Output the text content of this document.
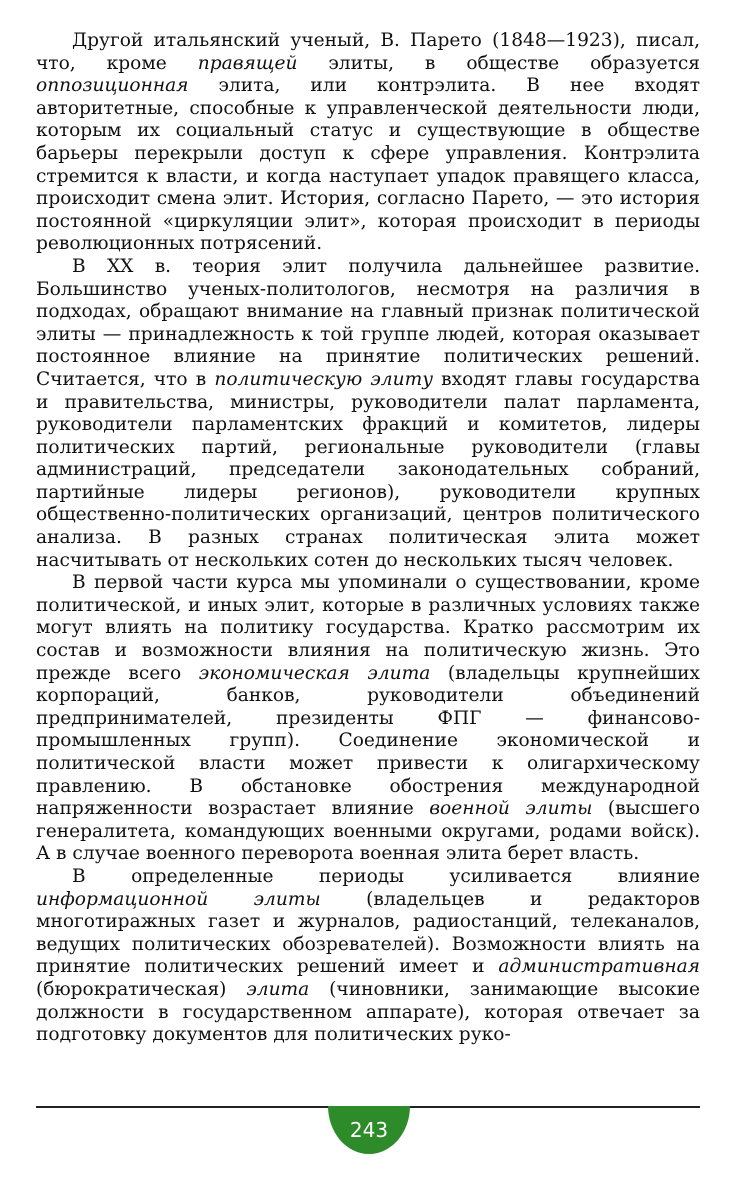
Другой итальянский ученый, В. Парето (1848—1923), писал, что, кроме правящей элиты, в обществе образуется оппозиционная элита, или контрэлита. В нее входят авторитетные, способные к управленческой деятельности люди, которым их социальный статус и существующие в обществе барьеры перекрыли доступ к сфере управления. Контрэлита стремится к власти, и когда наступает упадок правящего класса, происходит смена элит. История, согласно Парето, — это история постоянной «циркуляции элит», которая происходит в периоды революционных потрясений.

В XX в. теория элит получила дальнейшее развитие. Большинство ученых-политологов, несмотря на различия в подходах, обращают внимание на главный признак политической элиты — принадлежность к той группе людей, которая оказывает постоянное влияние на принятие политических решений. Считается, что в политическую элиту входят главы государства и правительства, министры, руководители палат парламента, руководители парламентских фракций и комитетов, лидеры политических партий, региональные руководители (главы администраций, председатели законодательных собраний, партийные лидеры регионов), руководители крупных общественно-политических организаций, центров политического анализа. В разных странах политическая элита может насчитывать от нескольких сотен до нескольких тысяч человек.

В первой части курса мы упоминали о существовании, кроме политической, и иных элит, которые в различных условиях также могут влиять на политику государства. Кратко рассмотрим их состав и возможности влияния на политическую жизнь. Это прежде всего экономическая элита (владельцы крупнейших корпораций, банков, руководители объединений предпринимателей, президенты ФПГ — финансово-промышленных групп). Соединение экономической и политической власти может привести к олигархическому правлению. В обстановке обострения международной напряженности возрастает влияние военной элиты (высшего генералитета, командующих военными округами, родами войск). А в случае военного переворота военная элита берет власть.

В определенные периоды усиливается влияние информационной элиты (владельцев и редакторов многотиражных газет и журналов, радиостанций, телеканалов, ведущих политических обозревателей). Возможности влиять на принятие политических решений имеет и административная (бюрократическая) элита (чиновники, занимающие высокие должности в государственном аппарате), которая отвечает за подготовку документов для политических руко-

243
